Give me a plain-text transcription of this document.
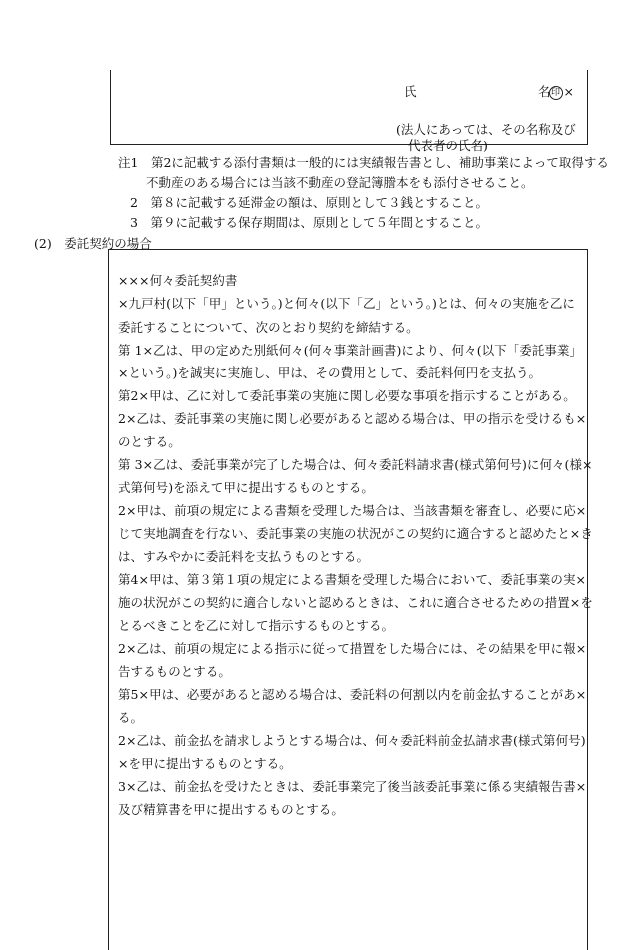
氏	名印 ×
(法人にあっては、その名称及び
代表者の氏名)
注1　第2に記載する添付書類は一般的には実績報告書とし、補助事業によって取得する
不動産のある場合には当該不動産の登記簿謄本をも添付させること。
2　第８に記載する延滞金の額は、原則として３銭とすること。
3　第９に記載する保存期間は、原則として５年間とすること。
(2)　委託契約の場合
×××何々委託契約書
×九戸村(以下「甲」という。)と何々(以下「乙」という。)とは、何々の実施を乙に
委託することについて、次のとおり契約を締結する。
第 1×乙は、甲の定めた別紙何々(何々事業計画書)により、何々(以下「委託事業」
×という。)を誠実に実施し、甲は、その費用として、委託料何円を支払う。
第2×甲は、乙に対して委託事業の実施に関し必要な事項を指示することがある。
2×乙は、委託事業の実施に関し必要があると認める場合は、甲の指示を受けるも×
のとする。
第 3×乙は、委託事業が完了した場合は、何々委託料請求書(様式第何号)に何々(様×
式第何号)を添えて甲に提出するものとする。
2×甲は、前項の規定による書類を受理した場合は、当該書類を審査し、必要に応×
じて実地調査を行ない、委託事業の実施の状況がこの契約に適合すると認めたと×き
は、すみやかに委託料を支払うものとする。
第4×甲は、第３第１項の規定による書類を受理した場合において、委託事業の実×
施の状況がこの契約に適合しないと認めるときは、これに適合させるための措置×を
とるべきことを乙に対して指示するものとする。
2×乙は、前項の規定による指示に従って措置をした場合には、その結果を甲に報×
告するものとする。
第5×甲は、必要があると認める場合は、委託料の何割以内を前金払することがあ×
る。
2×乙は、前金払を請求しようとする場合は、何々委託料前金払請求書(様式第何号)
×を甲に提出するものとする。
3×乙は、前金払を受けたときは、委託事業完了後当該委託事業に係る実績報告書×
及び精算書を甲に提出するものとする。
